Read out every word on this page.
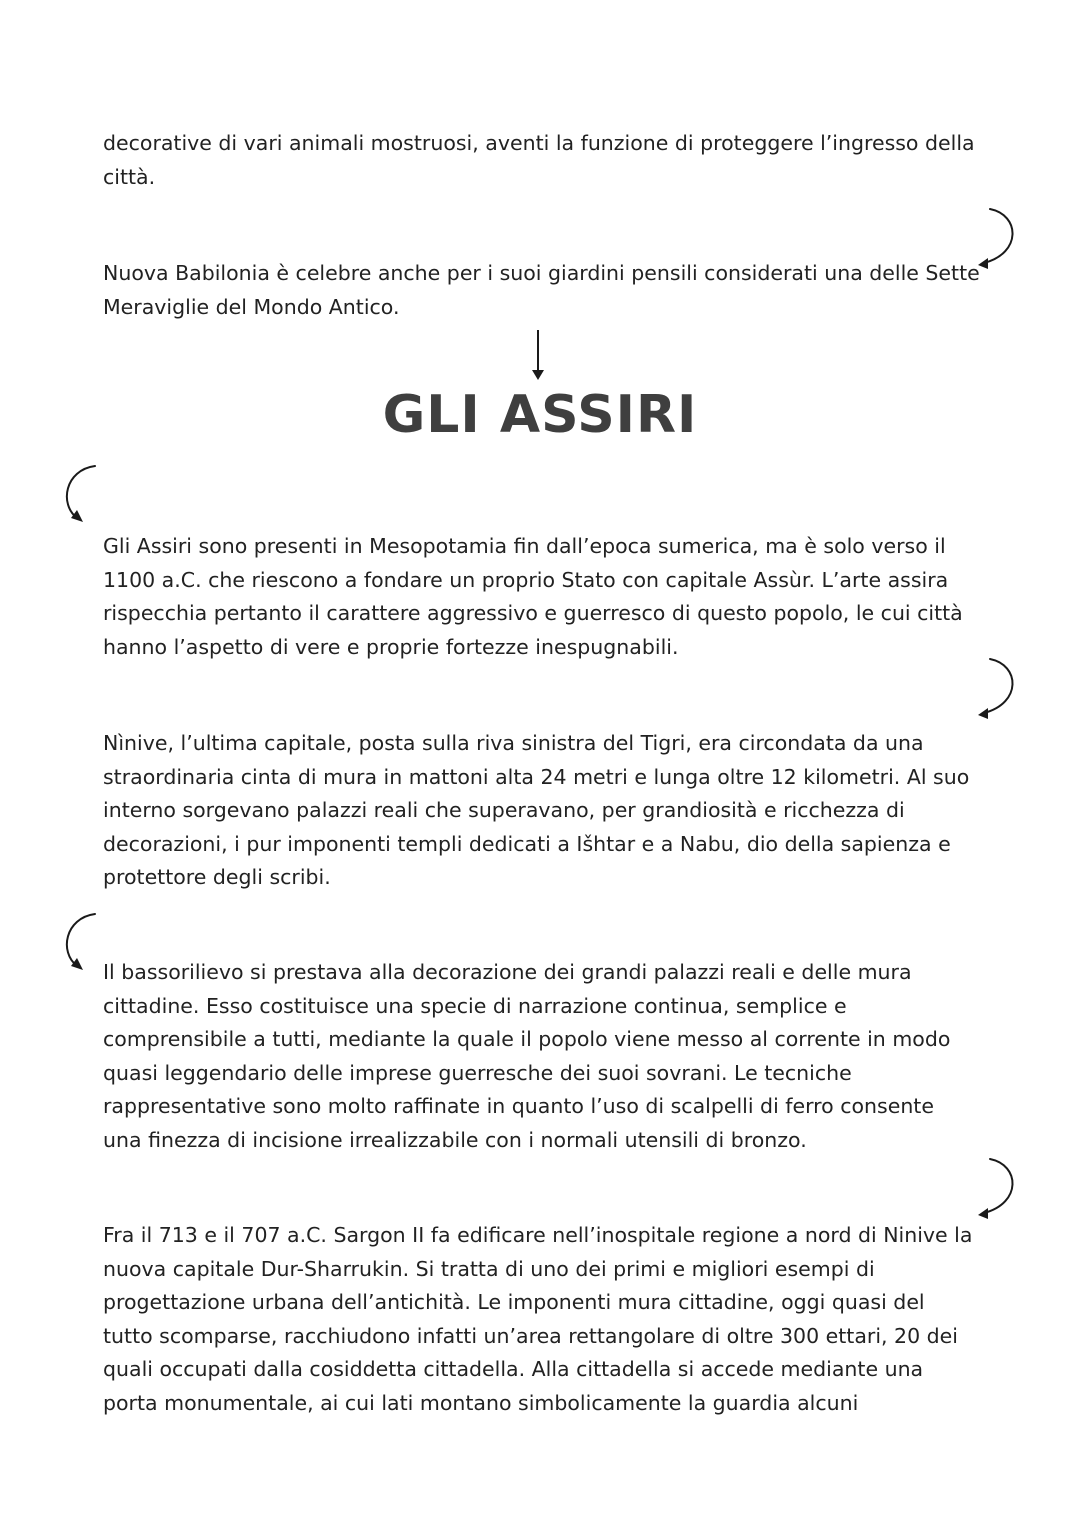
decorative di vari animali mostruosi, aventi la funzione di proteggere l’ingresso della
città.

Nuova Babilonia è celebre anche per i suoi giardini pensili considerati una delle Sette
Meraviglie del Mondo Antico.

GLI ASSIRI

Gli Assiri sono presenti in Mesopotamia fin dall’epoca sumerica, ma è solo verso il
1100 a.C. che riescono a fondare un proprio Stato con capitale Assùr. L’arte assira
rispecchia pertanto il carattere aggressivo e guerresco di questo popolo, le cui città
hanno l’aspetto di vere e proprie fortezze inespugnabili.

Nìnive, l’ultima capitale, posta sulla riva sinistra del Tigri, era circondata da una
straordinaria cinta di mura in mattoni alta 24 metri e lunga oltre 12 kilometri. Al suo
interno sorgevano palazzi reali che superavano, per grandiosità e ricchezza di
decorazioni, i pur imponenti templi dedicati a Išhtar e a Nabu, dio della sapienza e
protettore degli scribi.

Il bassorilievo si prestava alla decorazione dei grandi palazzi reali e delle mura
cittadine. Esso costituisce una specie di narrazione continua, semplice e
comprensibile a tutti, mediante la quale il popolo viene messo al corrente in modo
quasi leggendario delle imprese guerresche dei suoi sovrani. Le tecniche
rappresentative sono molto raffinate in quanto l’uso di scalpelli di ferro consente
una finezza di incisione irrealizzabile con i normali utensili di bronzo.

Fra il 713 e il 707 a.C. Sargon II fa edificare nell’inospitale regione a nord di Ninive la
nuova capitale Dur-Sharrukin. Si tratta di uno dei primi e migliori esempi di
progettazione urbana dell’antichità. Le imponenti mura cittadine, oggi quasi del
tutto scomparse, racchiudono infatti un’area rettangolare di oltre 300 ettari, 20 dei
quali occupati dalla cosiddetta cittadella. Alla cittadella si accede mediante una
porta monumentale, ai cui lati montano simbolicamente la guardia alcuni
